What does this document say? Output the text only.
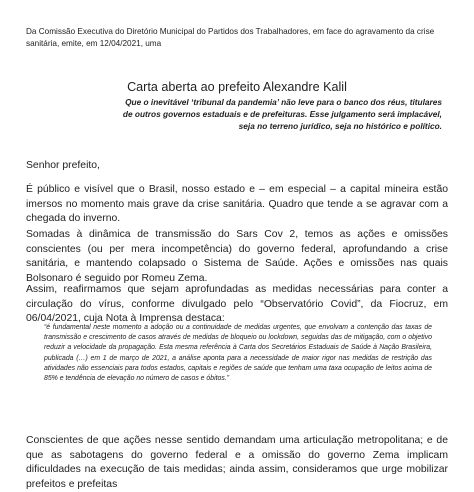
Da Comissão Executiva do Diretório Municipal do Partidos dos Trabalhadores, em face do agravamento da crise sanitária, emite, em 12/04/2021, uma
Carta aberta ao prefeito Alexandre Kalil
Que o inevitável ‘tribunal da pandemia’ não leve para o banco dos réus, titulares de outros governos estaduais e de prefeituras. Esse julgamento será implacável, seja no terreno jurídico, seja no histórico e político.
Senhor prefeito,
É público e visível que o Brasil, nosso estado e – em especial – a capital mineira estão imersos no momento mais grave da crise sanitária. Quadro que tende a se agravar com a chegada do inverno.
Somadas à dinâmica de transmissão do Sars Cov 2, temos as ações e omissões conscientes (ou per mera incompetência) do governo federal, aprofundando a crise sanitária, e mantendo colapsado o Sistema de Saúde. Ações e omissões nas quais Bolsonaro é seguido por Romeu Zema.
Assim, reafirmamos que sejam aprofundadas as medidas necessárias para conter a circulação do vírus, conforme divulgado pelo “Observatório Covid”, da Fiocruz, em 06/04/2021, cuja Nota à Imprensa destaca:
“é fundamental neste momento a adoção ou a continuidade de medidas urgentes, que envolvam a contenção das taxas de transmissão e crescimento de casos através de medidas de bloqueio ou lockdown, seguidas das de mitigação, com o objetivo reduzir a velocidade da propagação. Esta mesma referência à Carta dos Secretários Estaduais de Saúde à Nação Brasileira, publicada (…) em 1 de março de 2021, a análise aponta para a necessidade de maior rigor nas medidas de restrição das atividades não essenciais para todos estados, capitais e regiões de saúde que tenham uma taxa ocupação de leitos acima de 85% e tendência de elevação no número de casos e óbitos.”
Conscientes de que ações nesse sentido demandam uma articulação metropolitana; e de que as sabotagens do governo federal e a omissão do governo Zema implicam dificuldades na execução de tais medidas; ainda assim, consideramos que urge mobilizar prefeitos e prefeitas
